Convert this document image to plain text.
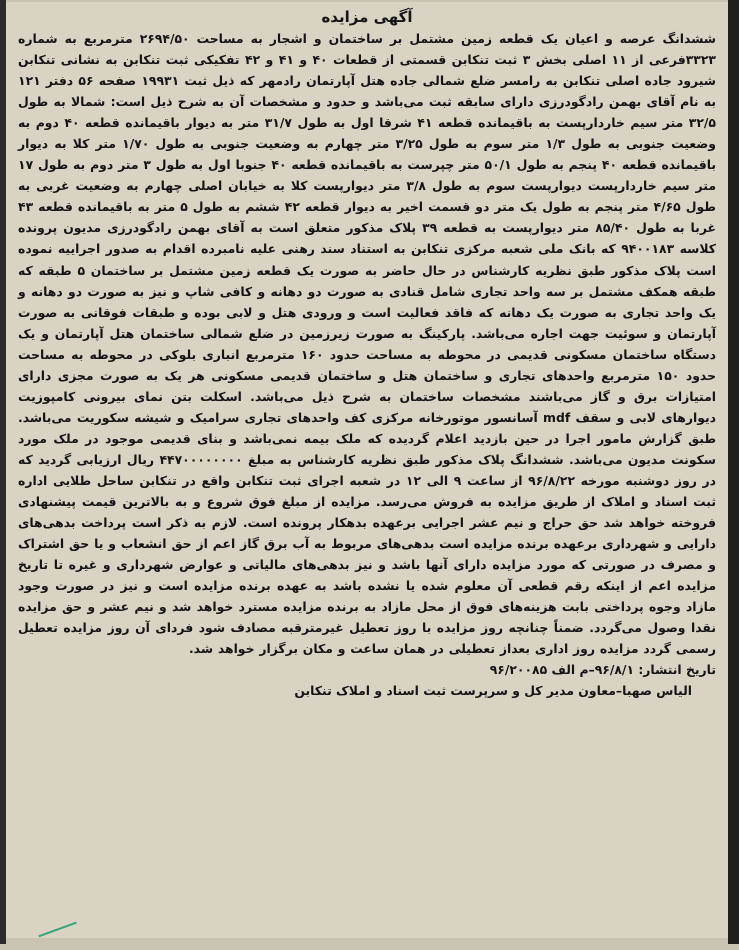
آگهی مزایده

ششدانگ عرصه و اعیان یک قطعه زمین مشتمل بر ساختمان و اشجار به مساحت ۲۶۹۴/۵۰ مترمربع به شماره ۳۳۲۳فرعی از ۱۱ اصلی بخش ۳ ثبت تنکابن قسمتی از قطعات ۴۰ و ۴۱ و ۴۲ تفکیکی ثبت تنکابن به نشانی تنکابن شیرود جاده اصلی تنکابن به رامسر ضلع شمالی جاده هتل آپارتمان رادمهر که ذیل ثبت ۱۹۹۳۱ صفحه ۵۶ دفتر ۱۲۱ به نام آقای بهمن رادگودرزی دارای سابقه ثبت می‌باشد و حدود و مشخصات آن به شرح ذیل است: شمالا به طول ۳۲/۵ متر سیم خاردارپست به باقیمانده قطعه ۴۱ شرقا اول به طول ۳۱/۷ متر به دیوار باقیمانده قطعه ۴۰ دوم به وضعیت جنوبی به طول ۱/۳ متر سوم به طول ۳/۲۵ متر چهارم به وضعیت جنوبی به طول ۱/۷۰ متر کلا به دیوار باقیمانده قطعه ۴۰ پنجم به طول ۵۰/۱ متر چپرست به باقیمانده قطعه ۴۰ جنوبا اول به طول ۳ متر دوم به طول ۱۷ متر سیم خاردارپست دیوارپست سوم به طول ۳/۸ متر دیوارپست کلا به خیابان اصلی چهارم به وضعیت غربی به طول ۴/۶۵ متر پنجم به طول یک متر دو قسمت اخیر به دیوار قطعه ۴۲ ششم به طول ۵ متر به باقیمانده قطعه ۴۳ غربا به طول ۸۵/۴۰ متر دیوارپست به قطعه ۳۹ پلاک مذکور متعلق است به آقای بهمن رادگودرزی مدیون پرونده کلاسه ۹۴۰۰۱۸۳ که بانک ملی شعبه مرکزی تنکابن به استناد سند رهنی علیه نامبرده اقدام به صدور اجراییه نموده است پلاک مذکور طبق نظریه کارشناس در حال حاضر به صورت یک قطعه زمین مشتمل بر ساختمان ۵ طبقه که طبقه همکف مشتمل بر سه واحد تجاری شامل قنادی به صورت دو دهانه و کافی شاپ و نیز به صورت دو دهانه و یک واحد تجاری به صورت یک دهانه که فاقد فعالیت است و ورودی هتل و لابی بوده و طبقات فوقانی به صورت آپارتمان و سوئیت جهت اجاره می‌باشد. پارکینگ به صورت زیرزمین در ضلع شمالی ساختمان هتل آپارتمان و یک دستگاه ساختمان مسکونی قدیمی در محوطه به مساحت حدود ۱۶۰ مترمربع انباری بلوکی در محوطه به مساحت حدود ۱۵۰ مترمربع واحدهای تجاری و ساختمان هتل و ساختمان قدیمی مسکونی هر یک به صورت مجزی دارای امتیازات برق و گاز می‌باشند مشخصات ساختمان به شرح ذیل می‌باشد. اسکلت بتن نمای بیرونی کامپوزیت دیوارهای لابی و سقف mdf آسانسور موتورخانه مرکزی کف واحدهای تجاری سرامیک و شیشه سکوریت می‌باشد. طبق گزارش مامور اجرا در حین بازدید اعلام گردیده که ملک بیمه نمی‌باشد و بنای قدیمی موجود در ملک مورد سکونت مدیون می‌باشد. ششدانگ پلاک مذکور طبق نظریه کارشناس به مبلغ ۴۴۷۰۰۰۰۰۰۰۰ ریال ارزیابی گردید که در روز دوشنبه مورخه ۹۶/۸/۲۲ از ساعت ۹ الی ۱۲ در شعبه اجرای ثبت تنکابن واقع در تنکابن ساحل طلایی اداره ثبت اسناد و املاک از طریق مزایده به فروش می‌رسد. مزایده از مبلغ فوق شروع و به بالاترین قیمت پیشنهادی فروخته خواهد شد حق حراج و نیم عشر اجرایی برعهده بدهکار پرونده است. لازم به ذکر است پرداخت بدهی‌های دارایی و شهرداری برعهده برنده مزایده است بدهی‌های مربوط به آب برق گاز اعم از حق انشعاب و یا حق اشتراک و مصرف در صورتی که مورد مزایده دارای آنها باشد و نیز بدهی‌های مالیاتی و عوارض شهرداری و غیره تا تاریخ مزایده اعم از اینکه رقم قطعی آن معلوم شده یا نشده باشد به عهده برنده مزایده است و نیز در صورت وجود مازاد وجوه پرداختی بابت هزینه‌های فوق از محل مازاد به برنده مزایده مسترد خواهد شد و نیم عشر و حق مزایده نقدا وصول می‌گردد. ضمناً چنانچه روز مزایده با روز تعطیل غیرمترقبه مصادف شود فردای آن روز مزایده تعطیل رسمی گردد مزایده روز اداری بعداز تعطیلی در همان ساعت و مکان برگزار خواهد شد.

تاریخ انتشار: ۹۶/۸/۱–م الف ۹۶/۲۰۰۸۵

الیاس صهبا–معاون مدیر کل و سرپرست ثبت اسناد و املاک تنکابن
